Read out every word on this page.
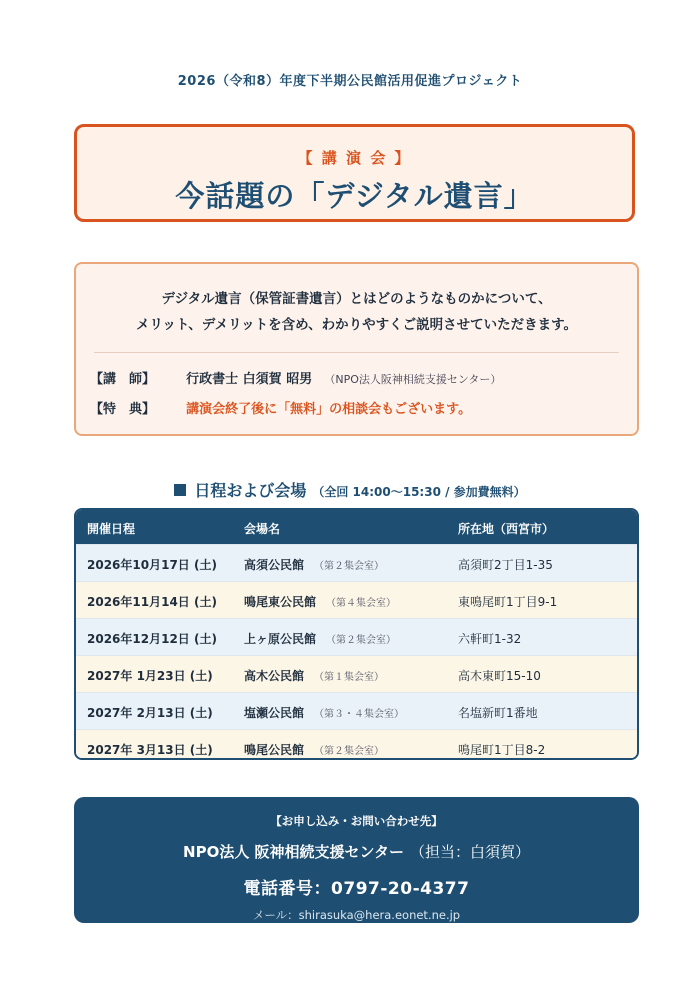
2026（令和8）年度下半期公民館活用促進プロジェクト
【 講 演 会 】
今話題の「デジタル遺言」
デジタル遺言（保管証書遺言）とはどのようなものかについて、
メリット、デメリットを含め、わかりやすくご説明させていただきます。
【講　師】 行政書士 白須賀 昭男 （NPO法人阪神相続支援センター）
【特　典】 講演会終了後に「無料」の相談会もございます。
日程および会場 （全回 14:00〜15:30 / 参加費無料）
開催日程	会場名	所在地（西宮市）
2026年10月17日 (土) 高須公民館 （第２集会室）	高須町2丁目1-35
2026年11月14日 (土) 鳴尾東公民館 （第４集会室）	東鳴尾町1丁目9-1
2026年12月12日 (土) 上ヶ原公民館 （第２集会室）	六軒町1-32
2027年 1月23日 (土)	高木公民館 （第１集会室）	高木東町15-10
2027年 2月13日 (土)	塩瀬公民館 （第３・４集会室）	名塩新町1番地
2027年 3月13日 (土)	鳴尾公民館 （第２集会室）	鳴尾町1丁目8-2
【お申し込み・お問い合わせ先】
NPO法人 阪神相続支援センター （担当：白須賀）
電話番号：0797-20-4377
メール：shirasuka@hera.eonet.ne.jp
